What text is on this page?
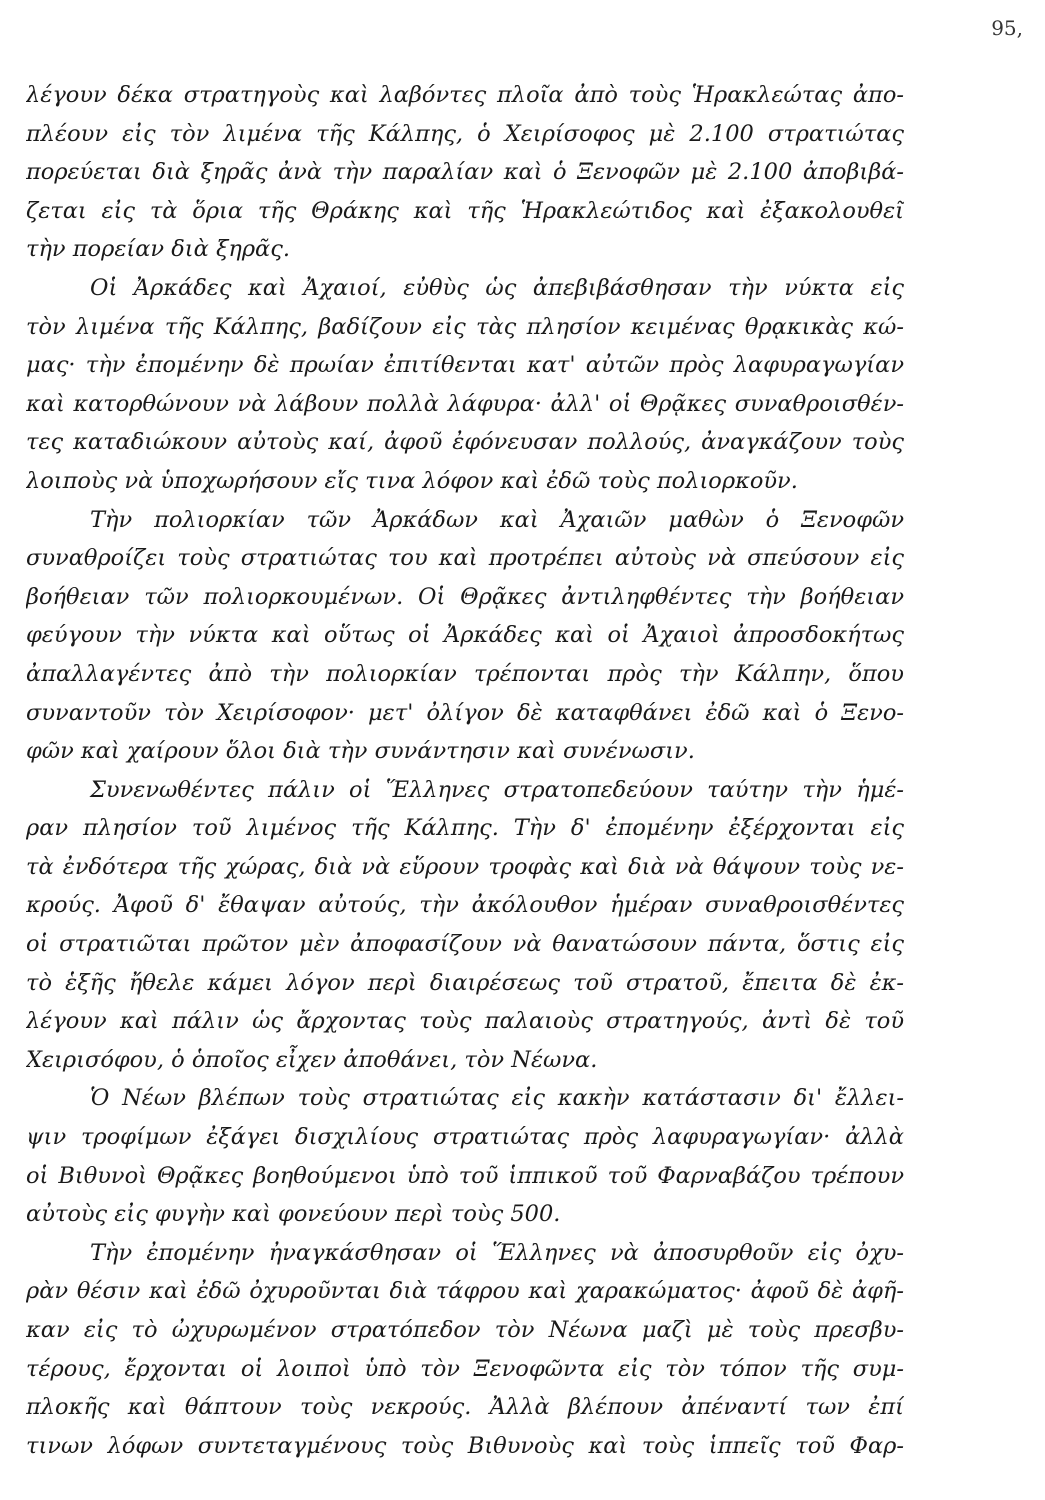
95,
λέγουν δέκα στρατηγοὺς καὶ λαβόντες πλοῖα ἀπὸ τοὺς Ἡρακλεώτας ἀπο-
πλέουν εἰς τὸν λιμένα τῆς Κάλπης, ὁ Χειρίσοφος μὲ 2.100 στρατιώτας
πορεύεται διὰ ξηρᾶς ἀνὰ τὴν παραλίαν καὶ ὁ Ξενοφῶν μὲ 2.100 ἀποβιβά-
ζεται εἰς τὰ ὅρια τῆς Θράκης καὶ τῆς Ἡρακλεώτιδος καὶ ἐξακολουθεῖ
τὴν πορείαν διὰ ξηρᾶς.
Οἱ Ἀρκάδες καὶ Ἀχαιοί, εὐθὺς ὡς ἀπεβιβάσθησαν τὴν νύκτα εἰς
τὸν λιμένα τῆς Κάλπης, βαδίζουν εἰς τὰς πλησίον κειμένας θρᾳκικὰς κώ-
μας· τὴν ἐπομένην δὲ πρωίαν ἐπιτίθενται κατ' αὐτῶν πρὸς λαφυραγωγίαν
καὶ κατορθώνουν νὰ λάβουν πολλὰ λάφυρα· ἀλλ' οἱ Θρᾷκες συναθροισθέν-
τες καταδιώκουν αὐτοὺς καί, ἀφοῦ ἐφόνευσαν πολλούς, ἀναγκάζουν τοὺς
λοιποὺς νὰ ὑποχωρήσουν εἴς τινα λόφον καὶ ἐδῶ τοὺς πολιορκοῦν.
Τὴν πολιορκίαν τῶν Ἀρκάδων καὶ Ἀχαιῶν μαθὼν ὁ Ξενοφῶν
συναθροίζει τοὺς στρατιώτας του καὶ προτρέπει αὐτοὺς νὰ σπεύσουν εἰς
βοήθειαν τῶν πολιορκουμένων. Οἱ Θρᾷκες ἀντιληφθέντες τὴν βοήθειαν
φεύγουν τὴν νύκτα καὶ οὕτως οἱ Ἀρκάδες καὶ οἱ Ἀχαιοὶ ἀπροσδοκήτως
ἀπαλλαγέντες ἀπὸ τὴν πολιορκίαν τρέπονται πρὸς τὴν Κάλπην, ὅπου
συναντοῦν τὸν Χειρίσοφον· μετ' ὀλίγον δὲ καταφθάνει ἐδῶ καὶ ὁ Ξενο-
φῶν καὶ χαίρουν ὅλοι διὰ τὴν συνάντησιν καὶ συνένωσιν.
Συνενωθέντες πάλιν οἱ Ἕλληνες στρατοπεδεύουν ταύτην τὴν ἡμέ-
ραν πλησίον τοῦ λιμένος τῆς Κάλπης. Τὴν δ' ἐπομένην ἐξέρχονται εἰς
τὰ ἐνδότερα τῆς χώρας, διὰ νὰ εὕρουν τροφὰς καὶ διὰ νὰ θάψουν τοὺς νε-
κρούς. Ἀφοῦ δ' ἔθαψαν αὐτούς, τὴν ἀκόλουθον ἡμέραν συναθροισθέντες
οἱ στρατιῶται πρῶτον μὲν ἀποφασίζουν νὰ θανατώσουν πάντα, ὅστις εἰς
τὸ ἑξῆς ἤθελε κάμει λόγον περὶ διαιρέσεως τοῦ στρατοῦ, ἔπειτα δὲ ἐκ-
λέγουν καὶ πάλιν ὡς ἄρχοντας τοὺς παλαιοὺς στρατηγούς, ἀντὶ δὲ τοῦ
Χειρισόφου, ὁ ὁποῖος εἶχεν ἀποθάνει, τὸν Νέωνα.
Ὁ Νέων βλέπων τοὺς στρατιώτας εἰς κακὴν κατάστασιν δι' ἔλλει-
ψιν τροφίμων ἐξάγει δισχιλίους στρατιώτας πρὸς λαφυραγωγίαν· ἀλλὰ
οἱ Βιθυνοὶ Θρᾷκες βοηθούμενοι ὑπὸ τοῦ ἱππικοῦ τοῦ Φαρναβάζου τρέπουν
αὐτοὺς εἰς φυγὴν καὶ φονεύουν περὶ τοὺς 500.
Τὴν ἐπομένην ἠναγκάσθησαν οἱ Ἕλληνες νὰ ἀποσυρθοῦν εἰς ὀχυ-
ρὰν θέσιν καὶ ἐδῶ ὀχυροῦνται διὰ τάφρου καὶ χαρακώματος· ἀφοῦ δὲ ἀφῆ-
καν εἰς τὸ ὠχυρωμένον στρατόπεδον τὸν Νέωνα μαζὶ μὲ τοὺς πρεσβυ-
τέρους, ἔρχονται οἱ λοιποὶ ὑπὸ τὸν Ξενοφῶντα εἰς τὸν τόπον τῆς συμ-
πλοκῆς καὶ θάπτουν τοὺς νεκρούς. Ἀλλὰ βλέπουν ἀπέναντί των ἐπί
τινων λόφων συντεταγμένους τοὺς Βιθυνοὺς καὶ τοὺς ἱππεῖς τοῦ Φαρ-
